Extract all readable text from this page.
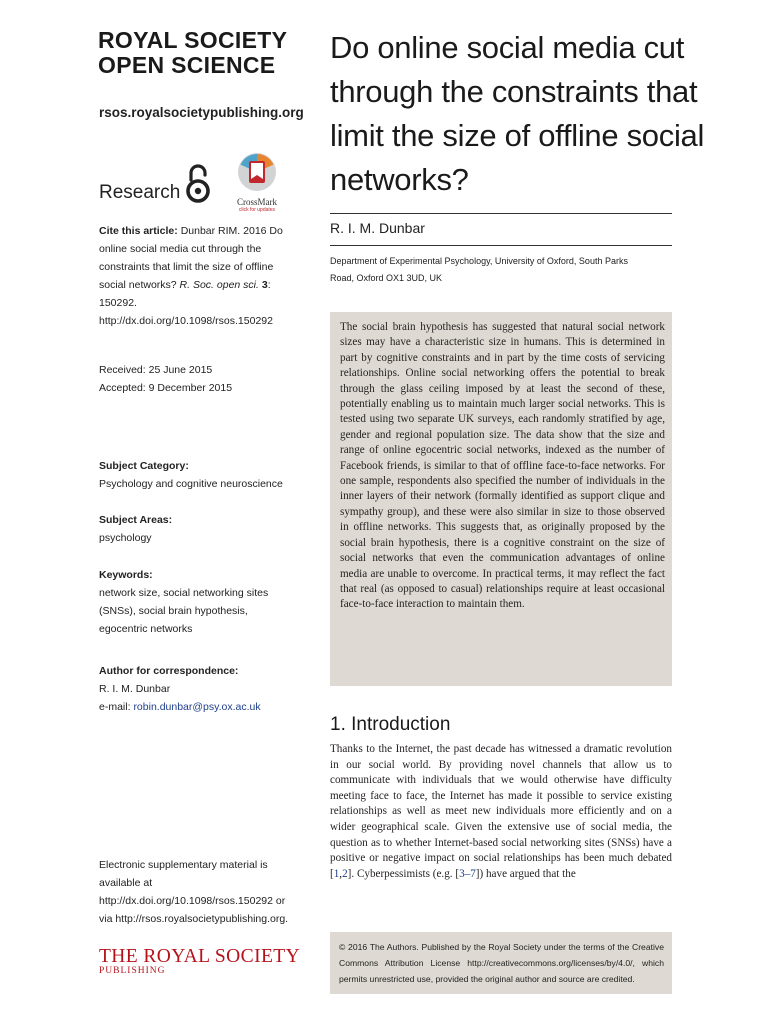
ROYAL SOCIETY
OPEN SCIENCE
rsos.royalsocietypublishing.org
Research	CrossMark
click for updates
Cite this article: Dunbar RIM. 2016 Do online social media cut through the constraints that limit the size of offline social networks? R. Soc. open sci. 3: 150292.
http://dx.doi.org/10.1098/rsos.150292
Received: 25 June 2015
Accepted: 9 December 2015
Subject Category:
Psychology and cognitive neuroscience
Subject Areas:
psychology
Keywords:
network size, social networking sites (SNSs), social brain hypothesis, egocentric networks
Author for correspondence:
R. I. M. Dunbar
e-mail: robin.dunbar@psy.ox.ac.uk
Electronic supplementary material is available at http://dx.doi.org/10.1098/rsos.150292 or via http://rsos.royalsocietypublishing.org.
THE ROYAL SOCIETY
PUBLISHING
Do online social media cut through the constraints that limit the size of offline social networks?
R. I. M. Dunbar
Department of Experimental Psychology, University of Oxford, South Parks Road, Oxford OX1 3UD, UK
The social brain hypothesis has suggested that natural social network sizes may have a characteristic size in humans. This is determined in part by cognitive constraints and in part by the time costs of servicing relationships. Online social networking offers the potential to break through the glass ceiling imposed by at least the second of these, potentially enabling us to maintain much larger social networks. This is tested using two separate UK surveys, each randomly stratified by age, gender and regional population size. The data show that the size and range of online egocentric social networks, indexed as the number of Facebook friends, is similar to that of offline face-to-face networks. For one sample, respondents also specified the number of individuals in the inner layers of their network (formally identified as support clique and sympathy group), and these were also similar in size to those observed in offline networks. This suggests that, as originally proposed by the social brain hypothesis, there is a cognitive constraint on the size of social networks that even the communication advantages of online media are unable to overcome. In practical terms, it may reflect the fact that real (as opposed to casual) relationships require at least occasional face-to-face interaction to maintain them.
1. Introduction
Thanks to the Internet, the past decade has witnessed a dramatic revolution in our social world. By providing novel channels that allow us to communicate with individuals that we would otherwise have difficulty meeting face to face, the Internet has made it possible to service existing relationships as well as meet new individuals more efficiently and on a wider geographical scale. Given the extensive use of social media, the question as to whether Internet-based social networking sites (SNSs) have a positive or negative impact on social relationships has been much debated [1,2]. Cyberpessimists (e.g. [3–7]) have argued that the
© 2016 The Authors. Published by the Royal Society under the terms of the Creative Commons Attribution License http://creativecommons.org/licenses/by/4.0/, which permits unrestricted use, provided the original author and source are credited.
